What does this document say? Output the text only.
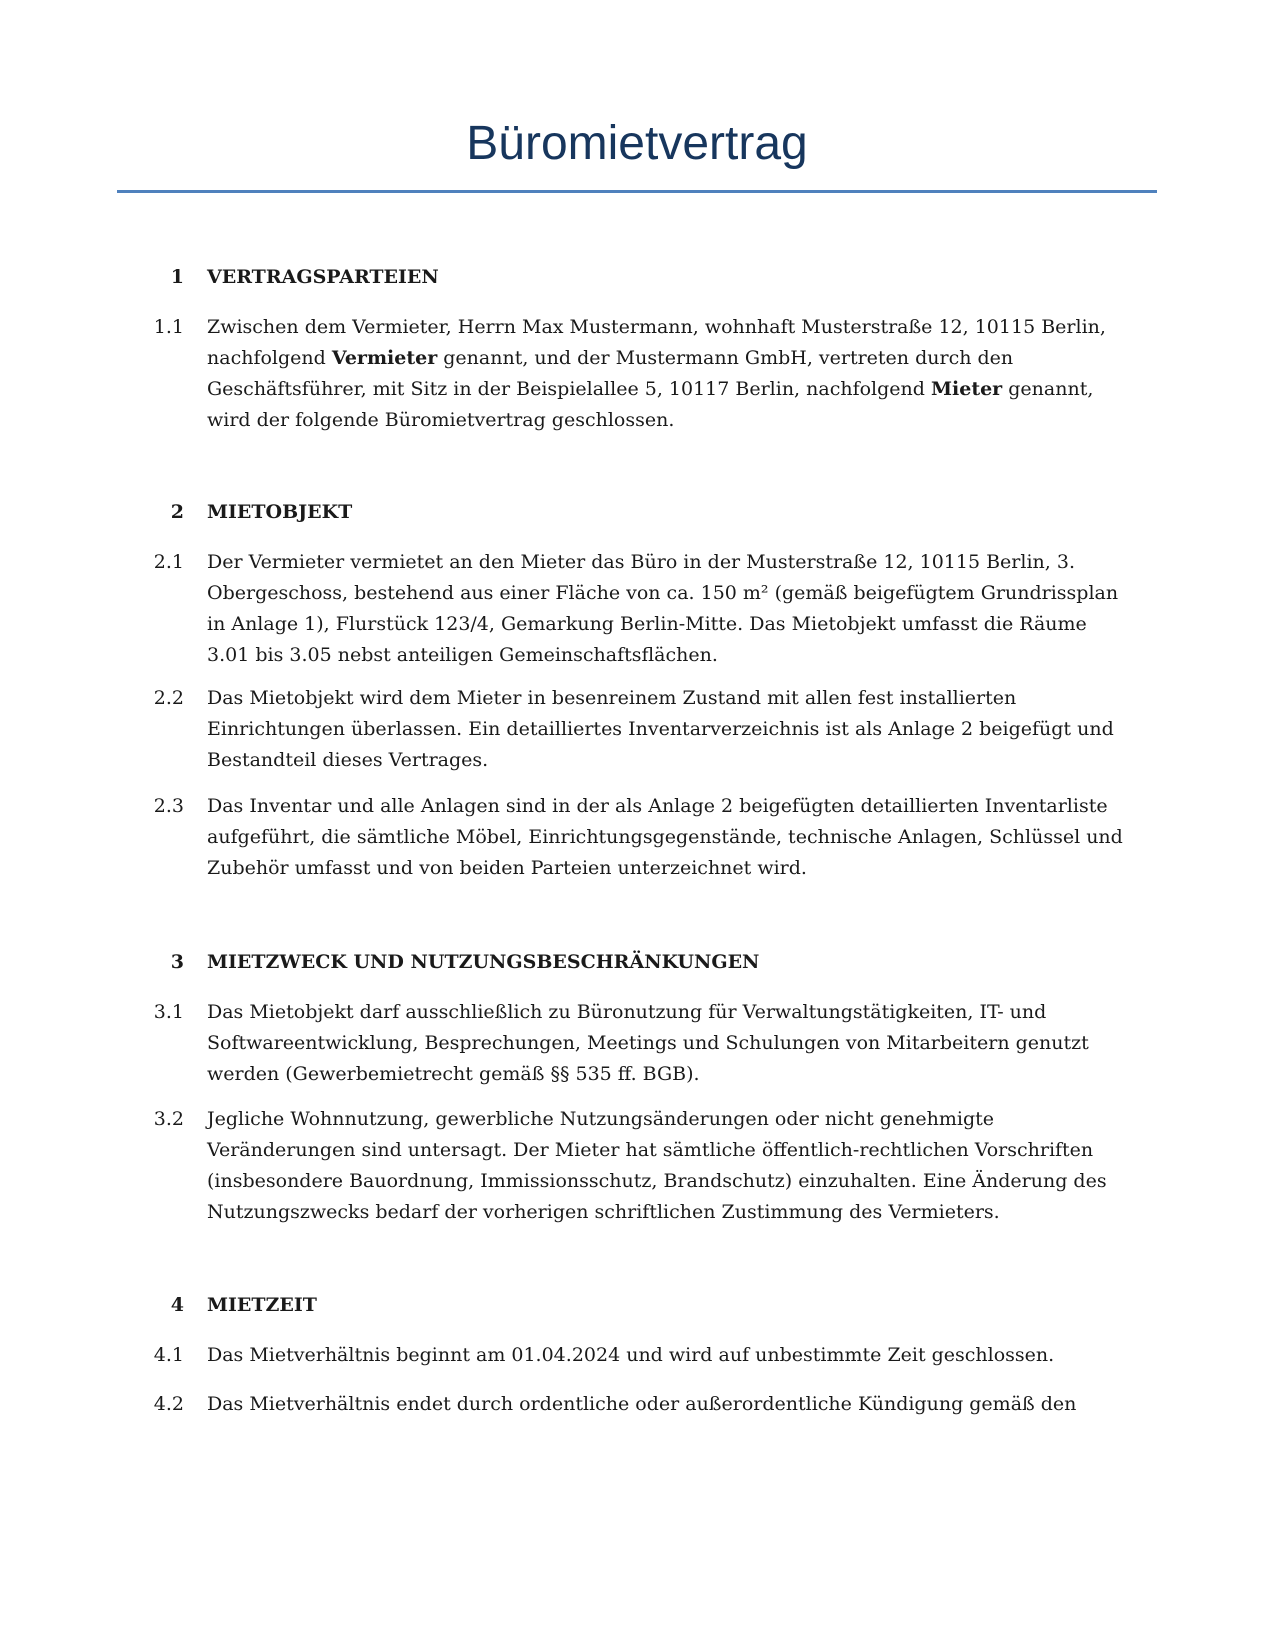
Büromietvertrag
1 VERTRAGSPARTEIEN
1.1 Zwischen dem Vermieter, Herrn Max Mustermann, wohnhaft Musterstraße 12, 10115 Berlin,
nachfolgend Vermieter genannt, und der Mustermann GmbH, vertreten durch den
Geschäftsführer, mit Sitz in der Beispielallee 5, 10117 Berlin, nachfolgend Mieter genannt,
wird der folgende Büromietvertrag geschlossen.
2 MIETOBJEKT
2.1 Der Vermieter vermietet an den Mieter das Büro in der Musterstraße 12, 10115 Berlin, 3.
Obergeschoss, bestehend aus einer Fläche von ca. 150 m² (gemäß beigefügtem Grundrissplan
in Anlage 1), Flurstück 123/4, Gemarkung Berlin-Mitte. Das Mietobjekt umfasst die Räume
3.01 bis 3.05 nebst anteiligen Gemeinschaftsflächen.
2.2 Das Mietobjekt wird dem Mieter in besenreinem Zustand mit allen fest installierten
Einrichtungen überlassen. Ein detailliertes Inventarverzeichnis ist als Anlage 2 beigefügt und
Bestandteil dieses Vertrages.
2.3 Das Inventar und alle Anlagen sind in der als Anlage 2 beigefügten detaillierten Inventarliste
aufgeführt, die sämtliche Möbel, Einrichtungsgegenstände, technische Anlagen, Schlüssel und
Zubehör umfasst und von beiden Parteien unterzeichnet wird.
3 MIETZWECK UND NUTZUNGSBESCHRÄNKUNGEN
3.1 Das Mietobjekt darf ausschließlich zu Büronutzung für Verwaltungstätigkeiten, IT- und
Softwareentwicklung, Besprechungen, Meetings und Schulungen von Mitarbeitern genutzt
werden (Gewerbemietrecht gemäß §§ 535 ff. BGB).
3.2 Jegliche Wohnnutzung, gewerbliche Nutzungsänderungen oder nicht genehmigte
Veränderungen sind untersagt. Der Mieter hat sämtliche öffentlich-rechtlichen Vorschriften
(insbesondere Bauordnung, Immissionsschutz, Brandschutz) einzuhalten. Eine Änderung des
Nutzungszwecks bedarf der vorherigen schriftlichen Zustimmung des Vermieters.
4 MIETZEIT
4.1 Das Mietverhältnis beginnt am 01.04.2024 und wird auf unbestimmte Zeit geschlossen.
4.2 Das Mietverhältnis endet durch ordentliche oder außerordentliche Kündigung gemäß den
